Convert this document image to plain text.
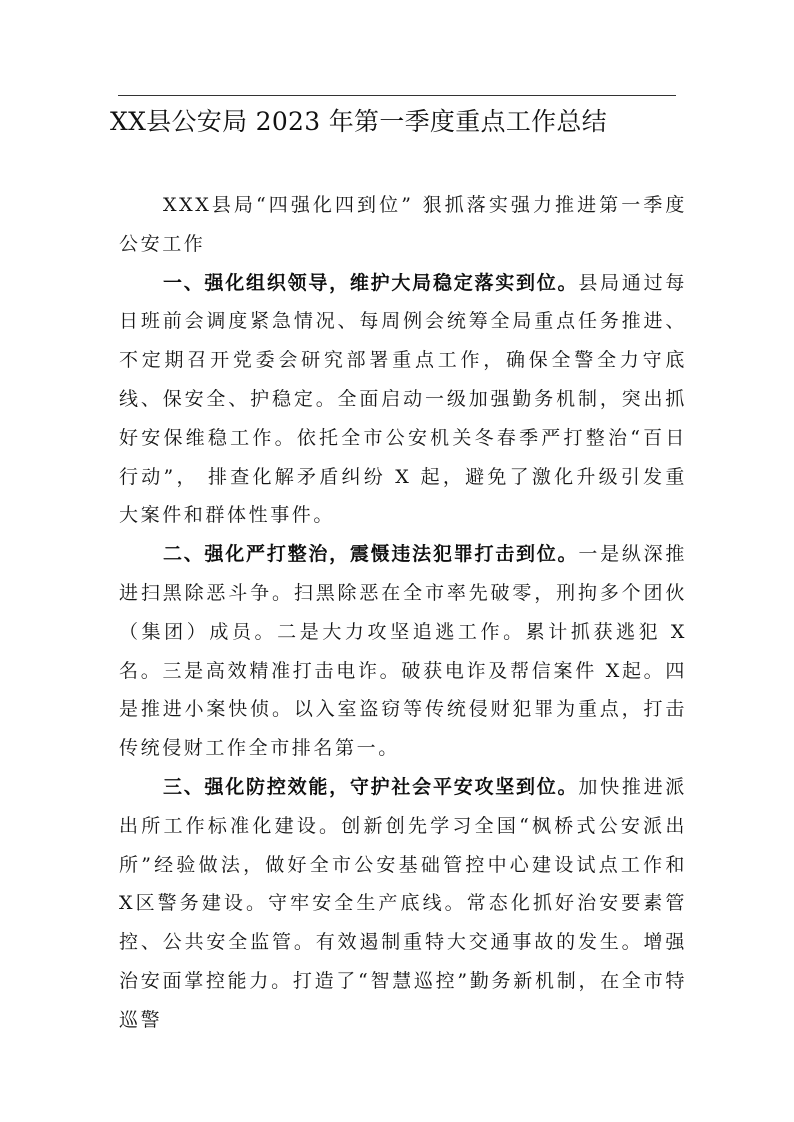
XX县公安局 2023 年第一季度重点工作总结

XXX县局“四强化四到位” 狠抓落实强力推进第一季度公安工作

一、强化组织领导，维护大局稳定落实到位。县局通过每日班前会调度紧急情况、每周例会统筹全局重点任务推进、不定期召开党委会研究部署重点工作，确保全警全力守底线、保安全、护稳定。全面启动一级加强勤务机制，突出抓好安保维稳工作。依托全市公安机关冬春季严打整治“百日行动”， 排查化解矛盾纠纷 X 起，避免了激化升级引发重大案件和群体性事件。

二、强化严打整治，震慑违法犯罪打击到位。一是纵深推进扫黑除恶斗争。扫黑除恶在全市率先破零，刑拘多个团伙（集团）成员。二是大力攻坚追逃工作。累计抓获逃犯 X 名。三是高效精准打击电诈。破获电诈及帮信案件 X起。四是推进小案快侦。以入室盗窃等传统侵财犯罪为重点，打击传统侵财工作全市排名第一。

三、强化防控效能，守护社会平安攻坚到位。加快推进派出所工作标准化建设。创新创先学习全国“枫桥式公安派出所”经验做法，做好全市公安基础管控中心建设试点工作和X区警务建设。守牢安全生产底线。常态化抓好治安要素管控、公共安全监管。有效遏制重特大交通事故的发生。增强治安面掌控能力。打造了“智慧巡控”勤务新机制，在全市特巡警
